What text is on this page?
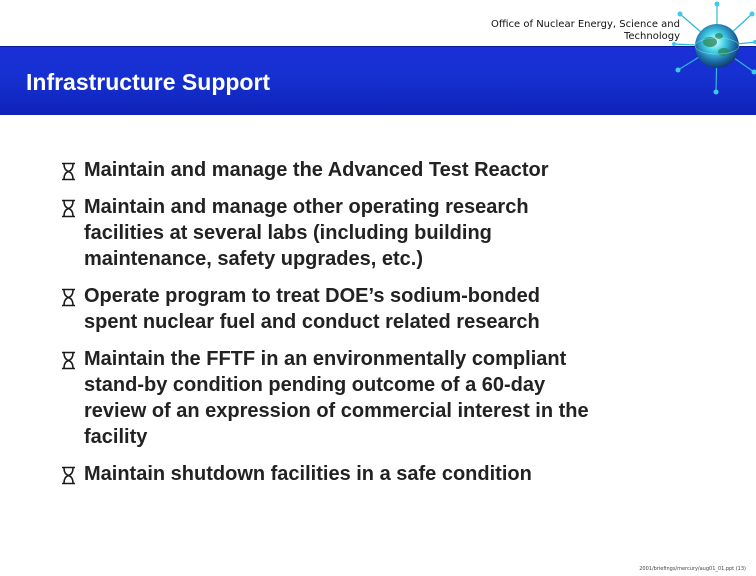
Office of Nuclear Energy, Science and
Technology
Infrastructure Support
Maintain and manage the Advanced Test Reactor
Maintain and manage other operating research
facilities at several labs (including building
maintenance, safety upgrades, etc.)
Operate program to treat DOE’s sodium-bonded
spent nuclear fuel and conduct related research
Maintain the FFTF in an environmentally compliant
stand-by condition pending outcome of a 60-day
review of an expression of commercial interest in the
facility
Maintain shutdown facilities in a safe condition
2001/briefings/mercury/aug01_01.ppt (13)
